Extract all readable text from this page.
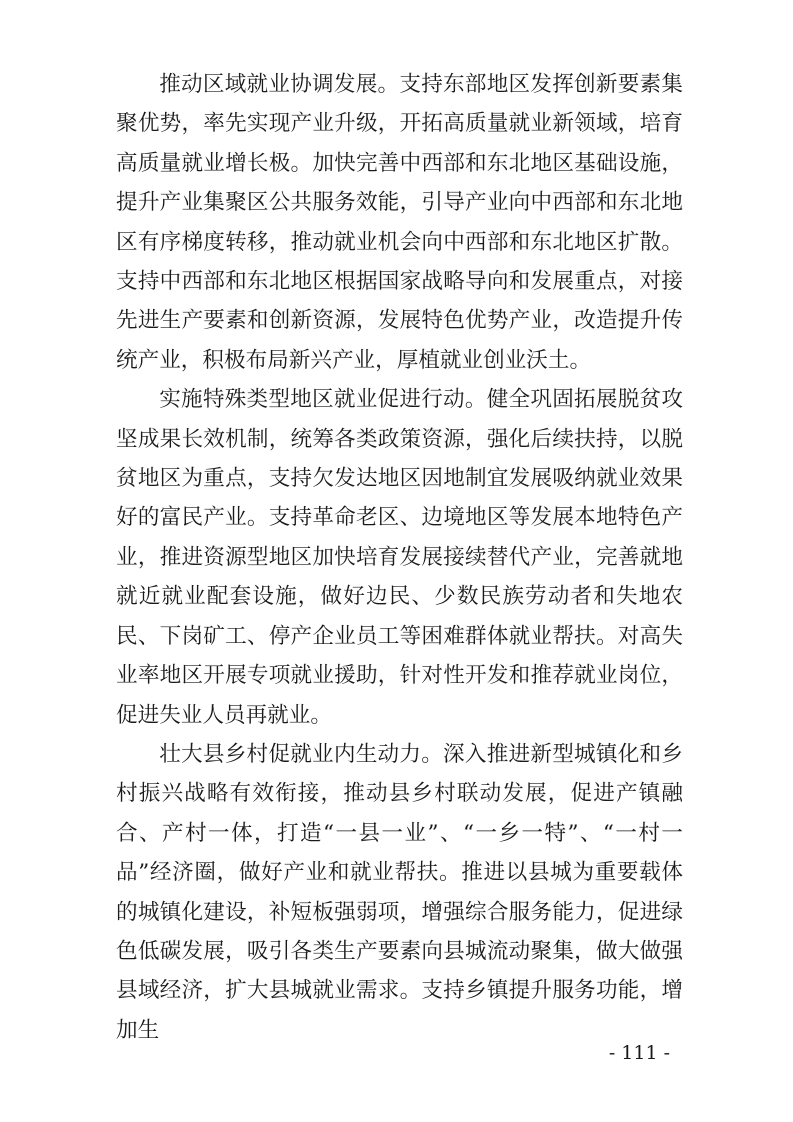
推动区域就业协调发展。支持东部地区发挥创新要素集聚优势，率先实现产业升级，开拓高质量就业新领域，培育高质量就业增长极。加快完善中西部和东北地区基础设施，提升产业集聚区公共服务效能，引导产业向中西部和东北地区有序梯度转移，推动就业机会向中西部和东北地区扩散。支持中西部和东北地区根据国家战略导向和发展重点，对接先进生产要素和创新资源，发展特色优势产业，改造提升传统产业，积极布局新兴产业，厚植就业创业沃土。

实施特殊类型地区就业促进行动。健全巩固拓展脱贫攻坚成果长效机制，统筹各类政策资源，强化后续扶持，以脱贫地区为重点，支持欠发达地区因地制宜发展吸纳就业效果好的富民产业。支持革命老区、边境地区等发展本地特色产业，推进资源型地区加快培育发展接续替代产业，完善就地就近就业配套设施，做好边民、少数民族劳动者和失地农民、下岗矿工、停产企业员工等困难群体就业帮扶。对高失业率地区开展专项就业援助，针对性开发和推荐就业岗位，促进失业人员再就业。

壮大县乡村促就业内生动力。深入推进新型城镇化和乡村振兴战略有效衔接，推动县乡村联动发展，促进产镇融合、产村一体，打造“一县一业”、“一乡一特”、“一村一品”经济圈，做好产业和就业帮扶。推进以县城为重要载体的城镇化建设，补短板强弱项，增强综合服务能力，促进绿色低碳发展，吸引各类生产要素向县城流动聚集，做大做强县域经济，扩大县城就业需求。支持乡镇提升服务功能，增加生

- 111 -
